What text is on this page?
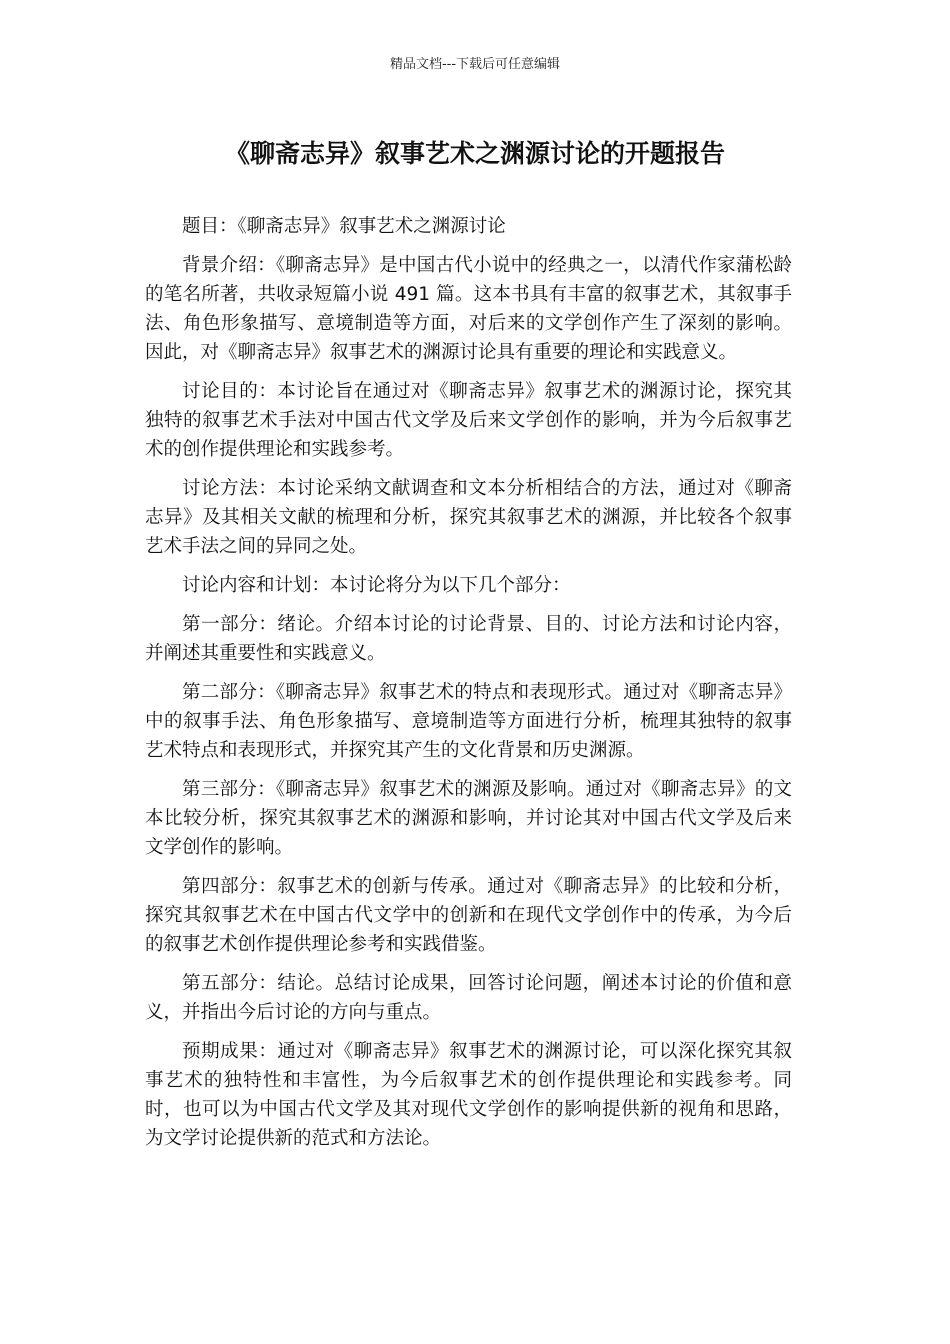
精品文档---下载后可任意编辑
《聊斋志异》叙事艺术之渊源讨论的开题报告

题目：《聊斋志异》叙事艺术之渊源讨论

背景介绍：《聊斋志异》是中国古代小说中的经典之一，以清代作家蒲松龄的笔名所著，共收录短篇小说 491 篇。这本书具有丰富的叙事艺术，其叙事手法、角色形象描写、意境制造等方面，对后来的文学创作产生了深刻的影响。因此，对《聊斋志异》叙事艺术的渊源讨论具有重要的理论和实践意义。

讨论目的：本讨论旨在通过对《聊斋志异》叙事艺术的渊源讨论，探究其独特的叙事艺术手法对中国古代文学及后来文学创作的影响，并为今后叙事艺术的创作提供理论和实践参考。

讨论方法：本讨论采纳文献调查和文本分析相结合的方法，通过对《聊斋志异》及其相关文献的梳理和分析，探究其叙事艺术的渊源，并比较各个叙事艺术手法之间的异同之处。

讨论内容和计划：本讨论将分为以下几个部分：

第一部分：绪论。介绍本讨论的讨论背景、目的、讨论方法和讨论内容，并阐述其重要性和实践意义。

第二部分：《聊斋志异》叙事艺术的特点和表现形式。通过对《聊斋志异》中的叙事手法、角色形象描写、意境制造等方面进行分析，梳理其独特的叙事艺术特点和表现形式，并探究其产生的文化背景和历史渊源。

第三部分：《聊斋志异》叙事艺术的渊源及影响。通过对《聊斋志异》的文本比较分析，探究其叙事艺术的渊源和影响，并讨论其对中国古代文学及后来文学创作的影响。

第四部分：叙事艺术的创新与传承。通过对《聊斋志异》的比较和分析，探究其叙事艺术在中国古代文学中的创新和在现代文学创作中的传承，为今后的叙事艺术创作提供理论参考和实践借鉴。

第五部分：结论。总结讨论成果，回答讨论问题，阐述本讨论的价值和意义，并指出今后讨论的方向与重点。

预期成果：通过对《聊斋志异》叙事艺术的渊源讨论，可以深化探究其叙事艺术的独特性和丰富性，为今后叙事艺术的创作提供理论和实践参考。同时，也可以为中国古代文学及其对现代文学创作的影响提供新的视角和思路，为文学讨论提供新的范式和方法论。
